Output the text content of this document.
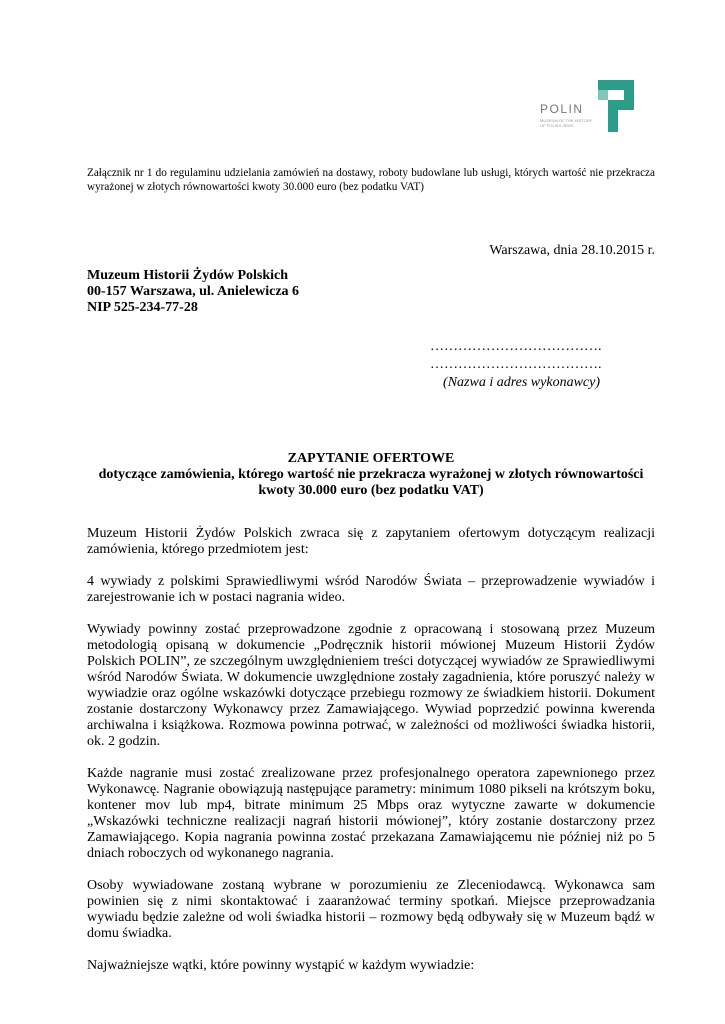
POLIN
MUSEUM OF THE HISTORY OF POLISH JEWS
Załącznik nr 1 do regulaminu udzielania zamówień na dostawy, roboty budowlane lub usługi, których wartość nie przekracza wyrażonej w złotych równowartości kwoty 30.000 euro (bez podatku VAT)
Warszawa, dnia 28.10.2015 r.
Muzeum Historii Żydów Polskich
00-157 Warszawa, ul. Anielewicza 6
NIP 525-234-77-28
……………………………….
……………………………….
(Nazwa i adres wykonawcy)
ZAPYTANIE OFERTOWE
dotyczące zamówienia, którego wartość nie przekracza wyrażonej w złotych równowartości kwoty 30.000 euro (bez podatku VAT)

Muzeum Historii Żydów Polskich zwraca się z zapytaniem ofertowym dotyczącym realizacji zamówienia, którego przedmiotem jest:

4 wywiady z polskimi Sprawiedliwymi wśród Narodów Świata – przeprowadzenie wywiadów i zarejestrowanie ich w postaci nagrania wideo.

Wywiady powinny zostać przeprowadzone zgodnie z opracowaną i stosowaną przez Muzeum metodologią opisaną w dokumencie „Podręcznik historii mówionej Muzeum Historii Żydów Polskich POLIN”, ze szczególnym uwzględnieniem treści dotyczącej wywiadów ze Sprawiedliwymi wśród Narodów Świata. W dokumencie uwzględnione zostały zagadnienia, które poruszyć należy w wywiadzie oraz ogólne wskazówki dotyczące przebiegu rozmowy ze świadkiem historii. Dokument zostanie dostarczony Wykonawcy przez Zamawiającego. Wywiad poprzedzić powinna kwerenda archiwalna i książkowa. Rozmowa powinna potrwać, w zależności od możliwości świadka historii, ok. 2 godzin.

Każde nagranie musi zostać zrealizowane przez profesjonalnego operatora zapewnionego przez Wykonawcę. Nagranie obowiązują następujące parametry: minimum 1080 pikseli na krótszym boku, kontener mov lub mp4, bitrate minimum 25 Mbps oraz wytyczne zawarte w dokumencie „Wskazówki techniczne realizacji nagrań historii mówionej”, który zostanie dostarczony przez Zamawiającego. Kopia nagrania powinna zostać przekazana Zamawiającemu nie później niż po 5 dniach roboczych od wykonanego nagrania.

Osoby wywiadowane zostaną wybrane w porozumieniu ze Zleceniodawcą. Wykonawca sam powinien się z nimi skontaktować i zaaranżować terminy spotkań. Miejsce przeprowadzania wywiadu będzie zależne od woli świadka historii – rozmowy będą odbywały się w Muzeum bądź w domu świadka.

Najważniejsze wątki, które powinny wystąpić w każdym wywiadzie:
